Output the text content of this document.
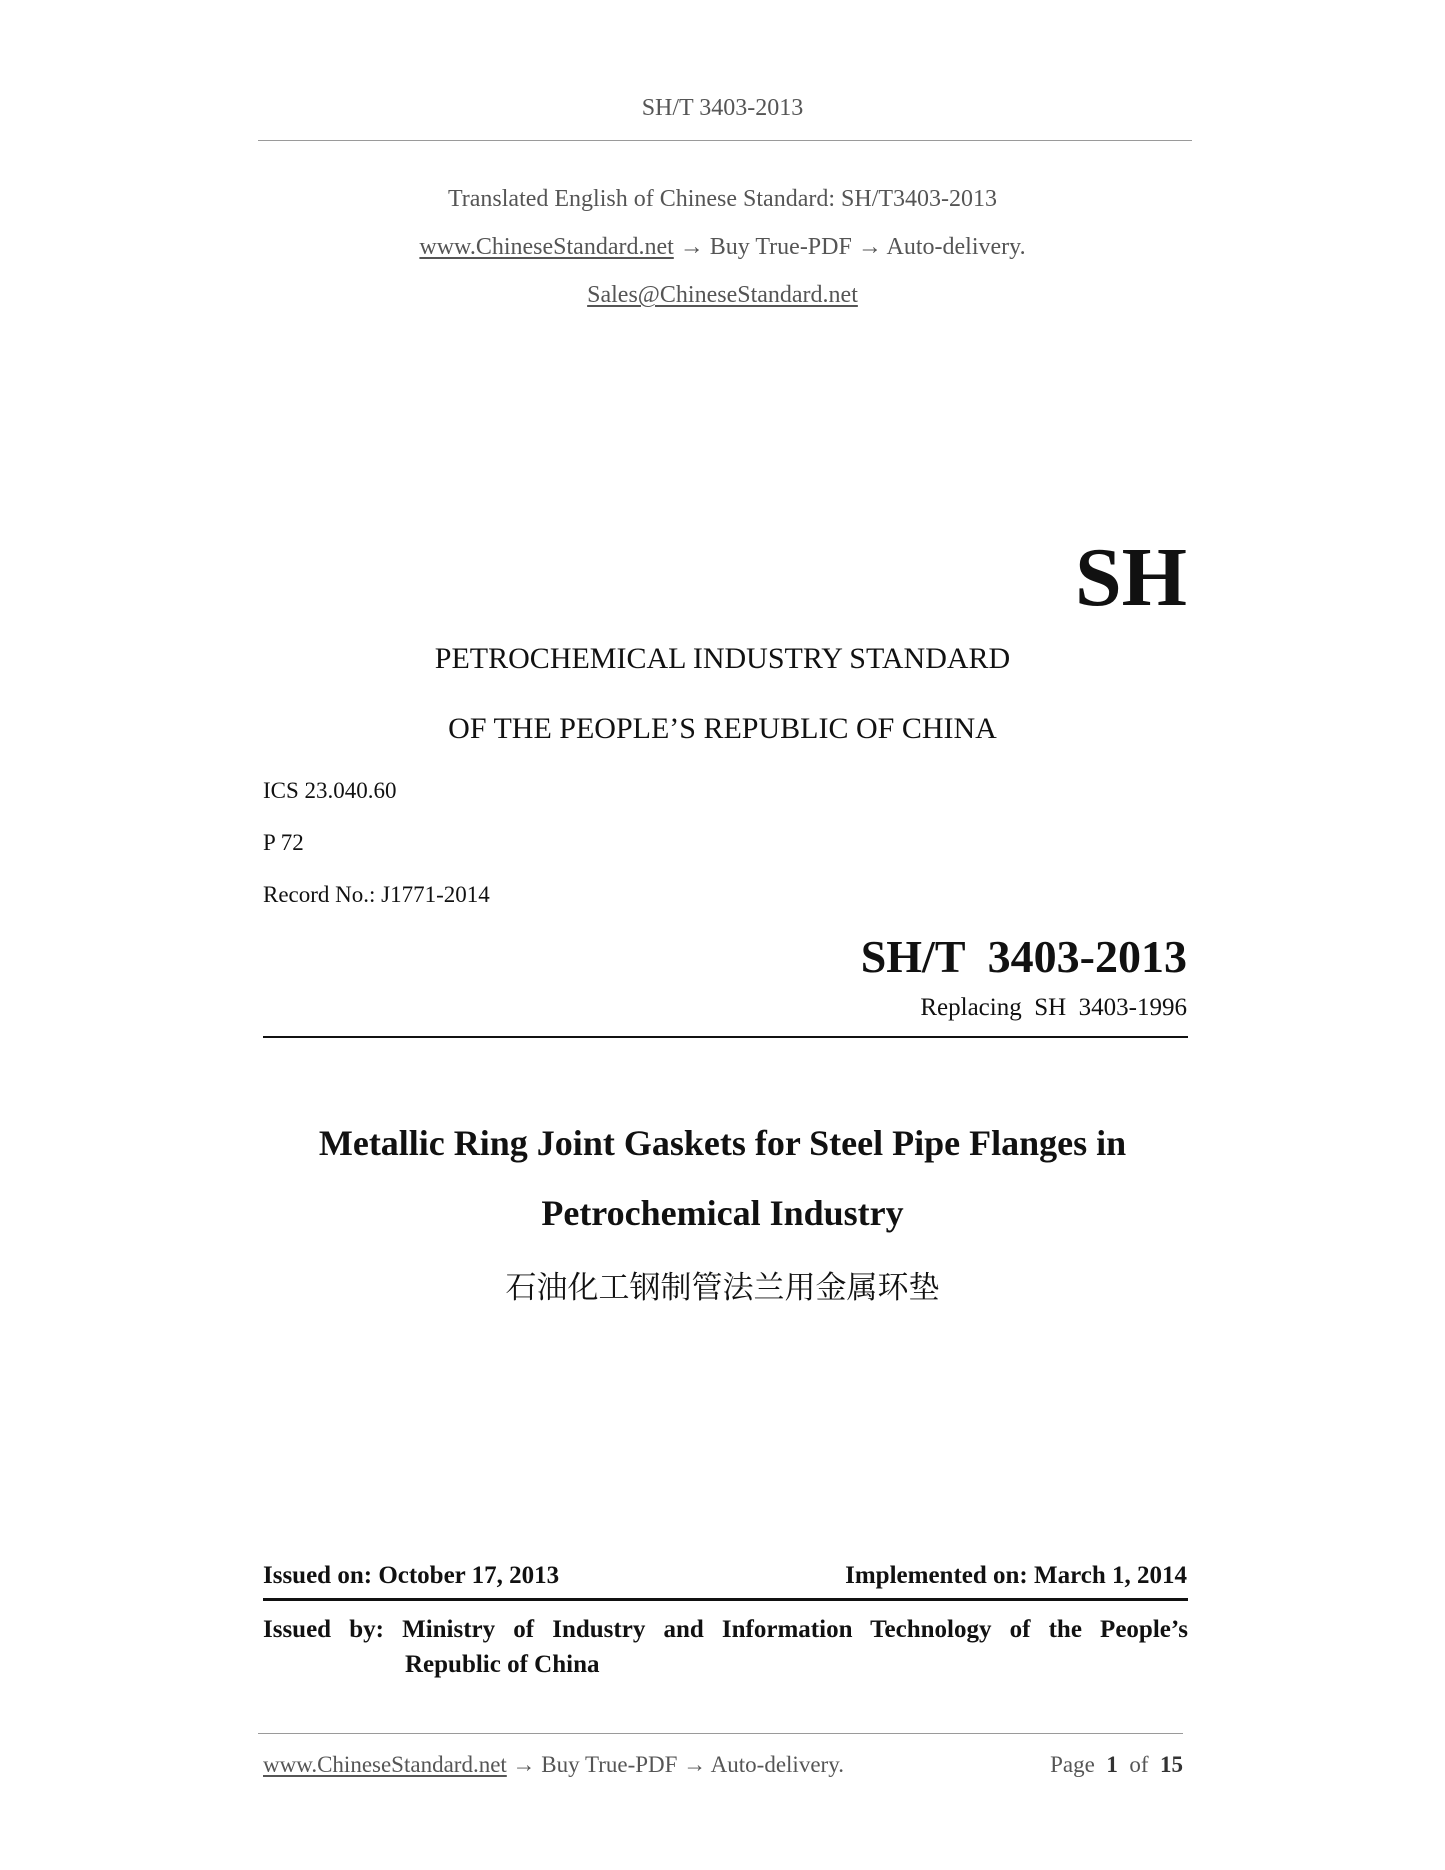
SH/T 3403-2013
Translated English of Chinese Standard: SH/T3403-2013
www.ChineseStandard.net → Buy True-PDF → Auto-delivery.
Sales@ChineseStandard.net
SH
PETROCHEMICAL INDUSTRY STANDARD
OF THE PEOPLE’S REPUBLIC OF CHINA
ICS 23.040.60
P 72
Record No.: J1771-2014
SH/T  3403-2013
Replacing  SH  3403-1996
Metallic Ring Joint Gaskets for Steel Pipe Flanges in
Petrochemical Industry
石油化工钢制管法兰用金属环垫
Issued on: October 17, 2013	Implemented on: March 1, 2014
Issued by: Ministry of Industry and Information Technology of the People’s
Republic of China
www.ChineseStandard.net → Buy True-PDF → Auto-delivery.	Page 1 of 15
